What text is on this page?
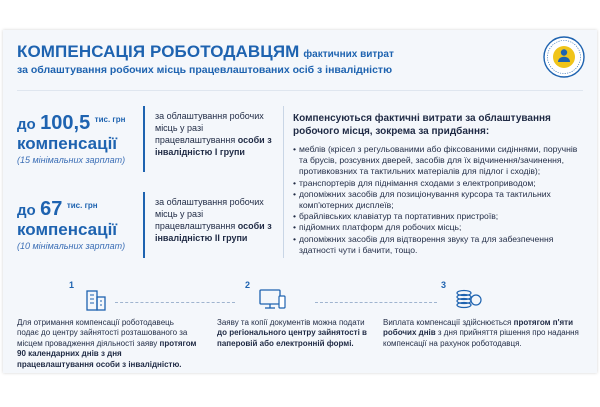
КОМПЕНСАЦІЯ РОБОТОДАВЦЯМ фактичних витрат
за облаштування робочих місць працевлаштованих осіб з інвалідністю
до 100,5 $^{тис. грн}$
компенсації
(15 мінімальних зарплат)
за облаштування робочих місць у разі працевлаштування особи з інвалідністю І групи
до 67 $^{тис. грн}$
компенсації
(10 мінімальних зарплат)
за облаштування робочих місць у разі працевлаштування особи з інвалідністю ІІ групи
Компенсуються фактичні витрати за облаштування робочого місця, зокрема за придбання:
• меблів (крісел з регульованими або фіксованими сидіннями, поручнів та брусів, розсувних дверей, засобів для їх відчинення/зачинення, противковзних та тактильних матеріалів для підлог і сходів);
• транспортерів для піднімання сходами з електроприводом;
• допоміжних засобів для позиціонування курсора та тактильних комп'ютерних дисплеїв;
• брайлівських клавіатур та портативних пристроїв;
• підйомних платформ для робочих місць;
• допоміжних засобів для відтворення звуку та для забезпечення здатності чути і бачити, тощо.
1	2	3
Для отримання компенсації роботодавець подає до центру зайнятості розташованого за місцем провадження діяльності заяву протягом 90 календарних днів з дня працевлаштування особи з інвалідністю.
Заяву та копії документів можна подати до регіонального центру зайнятості в паперовій або електронній формі.
Виплата компенсації здійснюється протягом п'яти робочих днів з дня прийняття рішення про надання компенсації на рахунок роботодавця.
